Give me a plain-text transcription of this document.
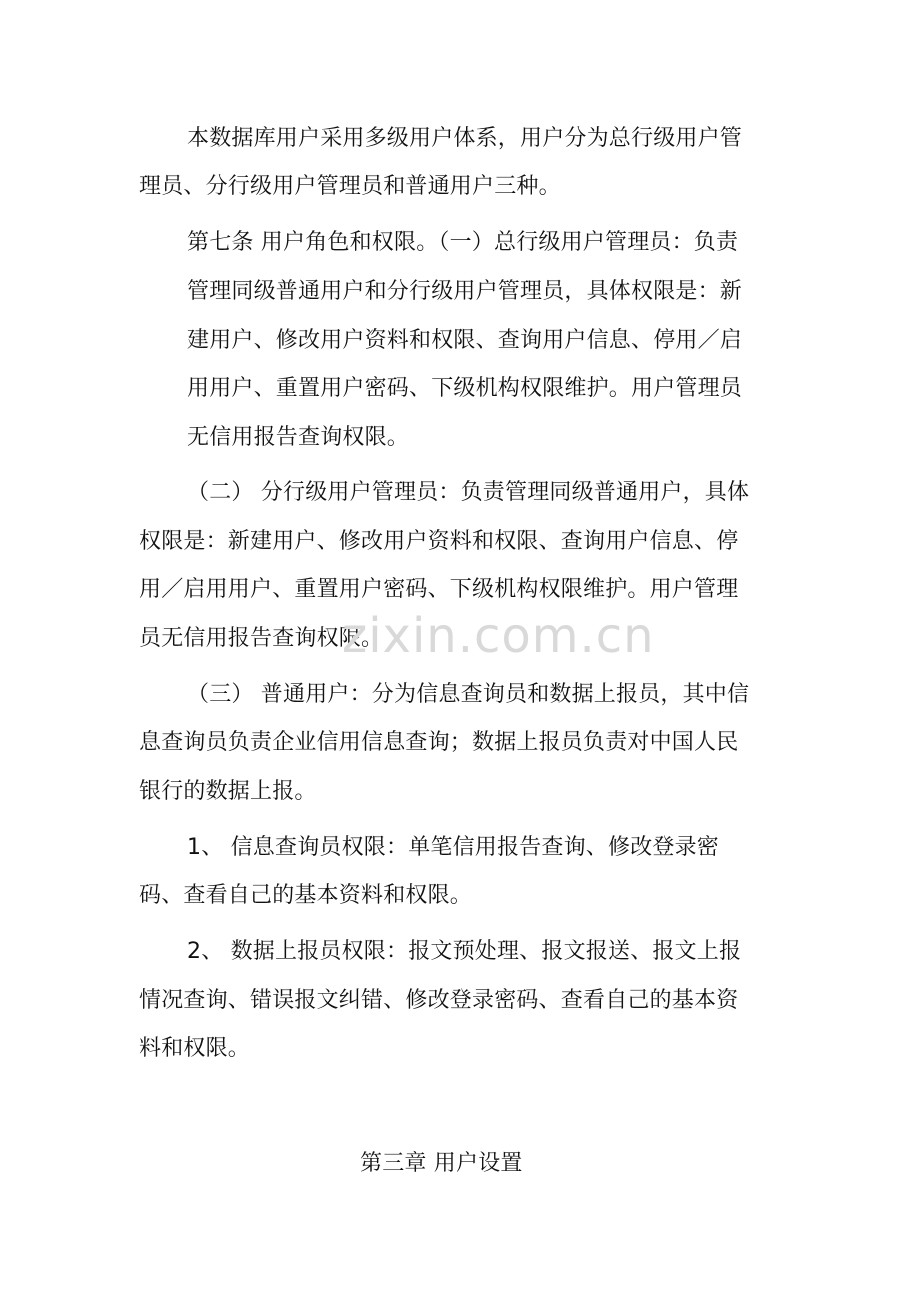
本数据库用户采用多级用户体系，用户分为总行级用户管

理员、分行级用户管理员和普通用户三种。

第七条 用户角色和权限。（一）总行级用户管理员：负责

管理同级普通用户和分行级用户管理员，具体权限是：新

建用户、修改用户资料和权限、查询用户信息、停用／启

用用户、重置用户密码、下级机构权限维护。用户管理员

无信用报告查询权限。

（二） 分行级用户管理员：负责管理同级普通用户，具体

权限是：新建用户、修改用户资料和权限、查询用户信息、停

用／启用用户、重置用户密码、下级机构权限维护。用户管理

员无信用报告查询权限。

（三） 普通用户：分为信息查询员和数据上报员，其中信

息查询员负责企业信用信息查询；数据上报员负责对中国人民

银行的数据上报。

1、 信息查询员权限：单笔信用报告查询、修改登录密

码、查看自己的基本资料和权限。

2、 数据上报员权限：报文预处理、报文报送、报文上报

情况查询、错误报文纠错、修改登录密码、查看自己的基本资

料和权限。

第三章 用户设置

zixin.com.cn
